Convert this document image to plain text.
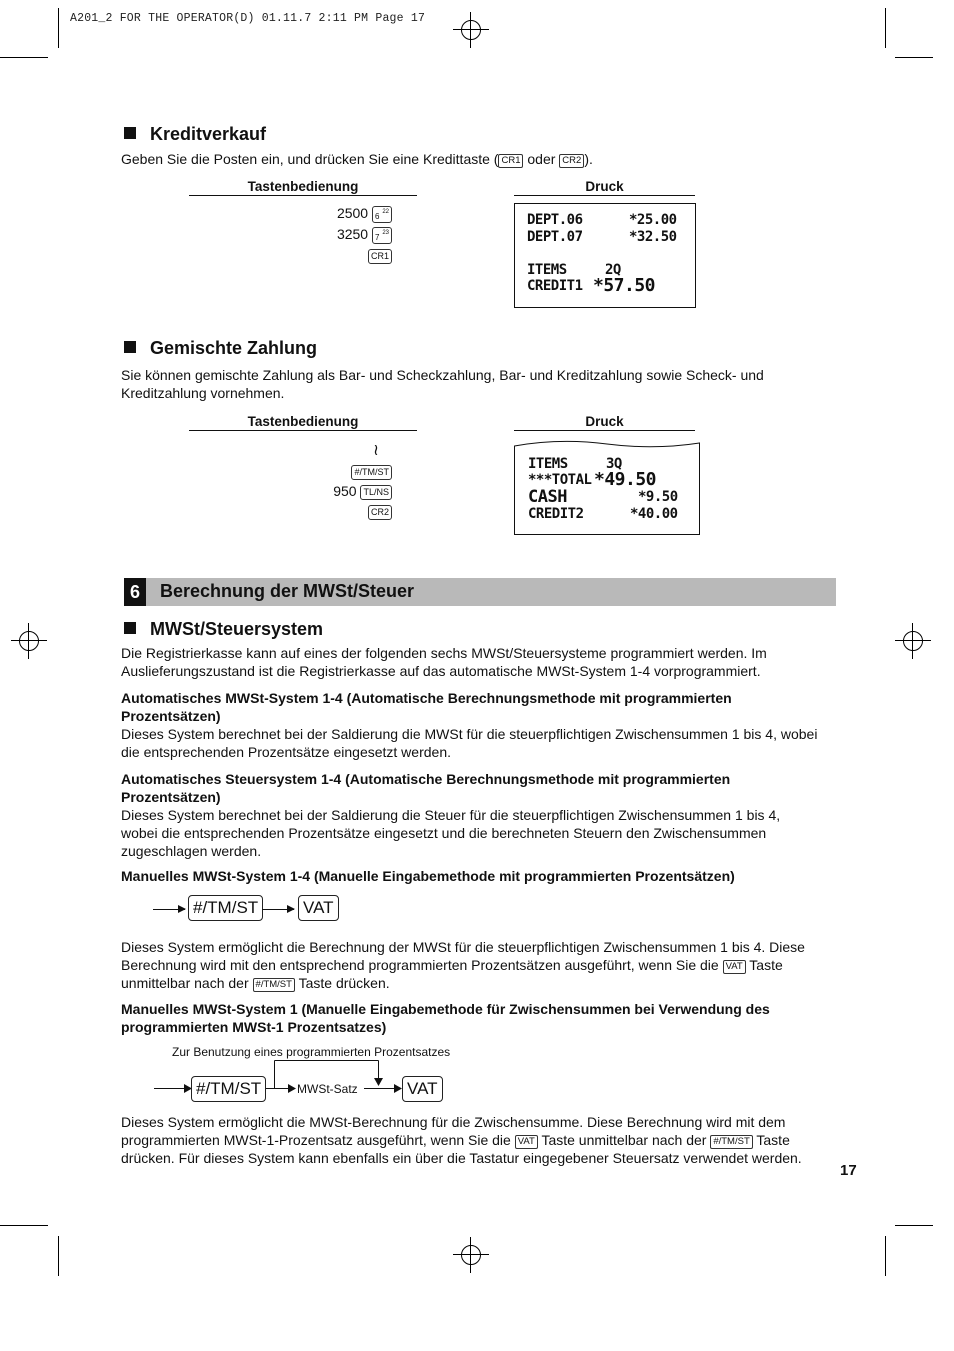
A201_2 FOR THE OPERATOR(D) 01.11.7 2:11 PM Page 17
Kreditverkauf
Geben Sie die Posten ein, und drücken Sie eine Kredittaste ( CR1 oder CR2 ).
Tastenbedienung	Druck
2500 22
6
3250 23
7
CR1
DEPT.06	*25.00
DEPT.07	*32.50
ITEMS	2Q
CREDIT1 *57.50
Gemischte Zahlung
Sie können gemischte Zahlung als Bar- und Scheckzahlung, Bar- und Kreditzahlung sowie Scheck- und
Kreditzahlung vornehmen.
Tastenbedienung	Druck
≀
#/TM/ST
950 TL/NS
CR2
ITEMS	3Q
***TOTAL *49.50
CASH	*9.50
CREDIT2	*40.00
6	Berechnung der MWSt/Steuer
MWSt/Steuersystem
Die Registrierkasse kann auf eines der folgenden sechs MWSt/Steuersysteme programmiert werden. Im
Auslieferungszustand ist die Registrierkasse auf das automatische MWSt-System 1-4 vorprogrammiert.
Automatisches MWSt-System 1-4 (Automatische Berechnungsmethode mit programmierten
Prozentsätzen)
Dieses System berechnet bei der Saldierung die MWSt für die steuerpflichtigen Zwischensummen 1 bis 4, wobei
die entsprechenden Prozentsätze eingesetzt werden.
Automatisches Steuersystem 1-4 (Automatische Berechnungsmethode mit programmierten
Prozentsätzen)
Dieses System berechnet bei der Saldierung die Steuer für die steuerpflichtigen Zwischensummen 1 bis 4,
wobei die entsprechenden Prozentsätze eingesetzt und die berechneten Steuern den Zwischensummen
zugeschlagen werden.
Manuelles MWSt-System 1-4 (Manuelle Eingabemethode mit programmierten Prozentsätzen)
#/TM/ST	VAT
Dieses System ermöglicht die Berechnung der MWSt für die steuerpflichtigen Zwischensummen 1 bis 4. Diese
Berechnung wird mit den entsprechend programmierten Prozentsätzen ausgeführt, wenn Sie die VAT Taste
unmittelbar nach der #/TM/ST Taste drücken.
Manuelles MWSt-System 1 (Manuelle Eingabemethode für Zwischensummen bei Verwendung des
programmierten MWSt-1 Prozentsatzes)
Zur Benutzung eines programmierten Prozentsatzes
#/TM/ST	MWSt-Satz	VAT
Dieses System ermöglicht die MWSt-Berechnung für die Zwischensumme. Diese Berechnung wird mit dem
programmierten MWSt-1-Prozentsatz ausgeführt, wenn Sie die VAT Taste unmittelbar nach der #/TM/ST Taste
drücken. Für dieses System kann ebenfalls ein über die Tastatur eingegebener Steuersatz verwendet werden.
17
